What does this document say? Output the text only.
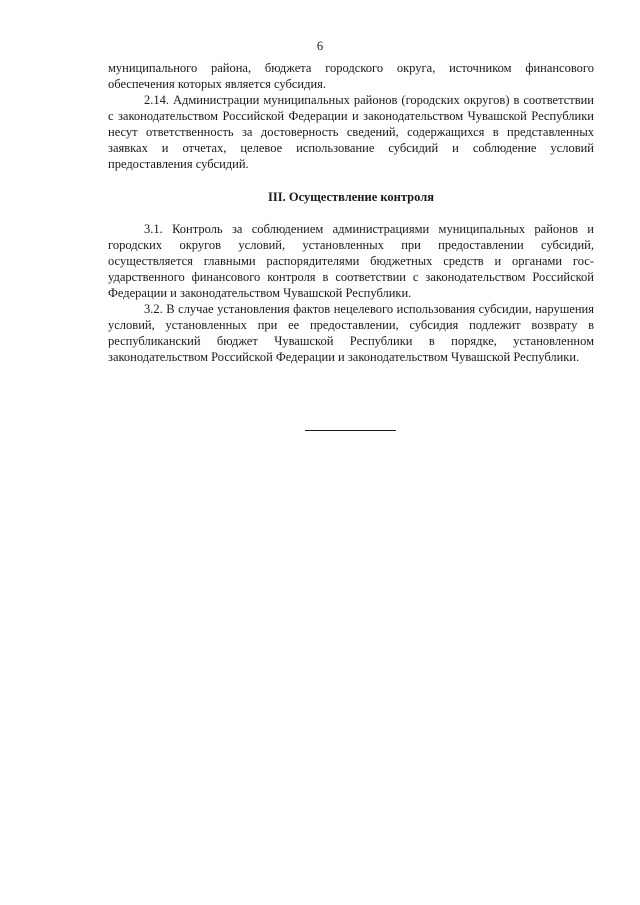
6

муниципального района, бюджета городского округа, источником финансового обеспечения которых является субсидия.

2.14. Администрации муниципальных районов (городских округов) в соответствии с законодательством Российской Федерации и законодательством Чувашской Республики несут ответственность за достоверность сведений, содержащихся в представленных заявках и отчетах, целевое использование субсидий и соблюдение условий предоставления субсидий.

III. Осуществление контроля

3.1. Контроль за соблюдением администрациями муниципальных районов и городских округов условий, установленных при предоставлении субсидий, осуществляется главными распорядителями бюджетных средств и органами государственного финансового контроля в соответствии с законодательством Российской Федерации и законодательством Чувашской Республики.

3.2. В случае установления фактов нецелевого использования субсидии, нарушения условий, установленных при ее предоставлении, субсидия подлежит возврату в республиканский бюджет Чувашской Республики в порядке, установленном законодательством Российской Федерации и законодательством Чувашской Республики.
